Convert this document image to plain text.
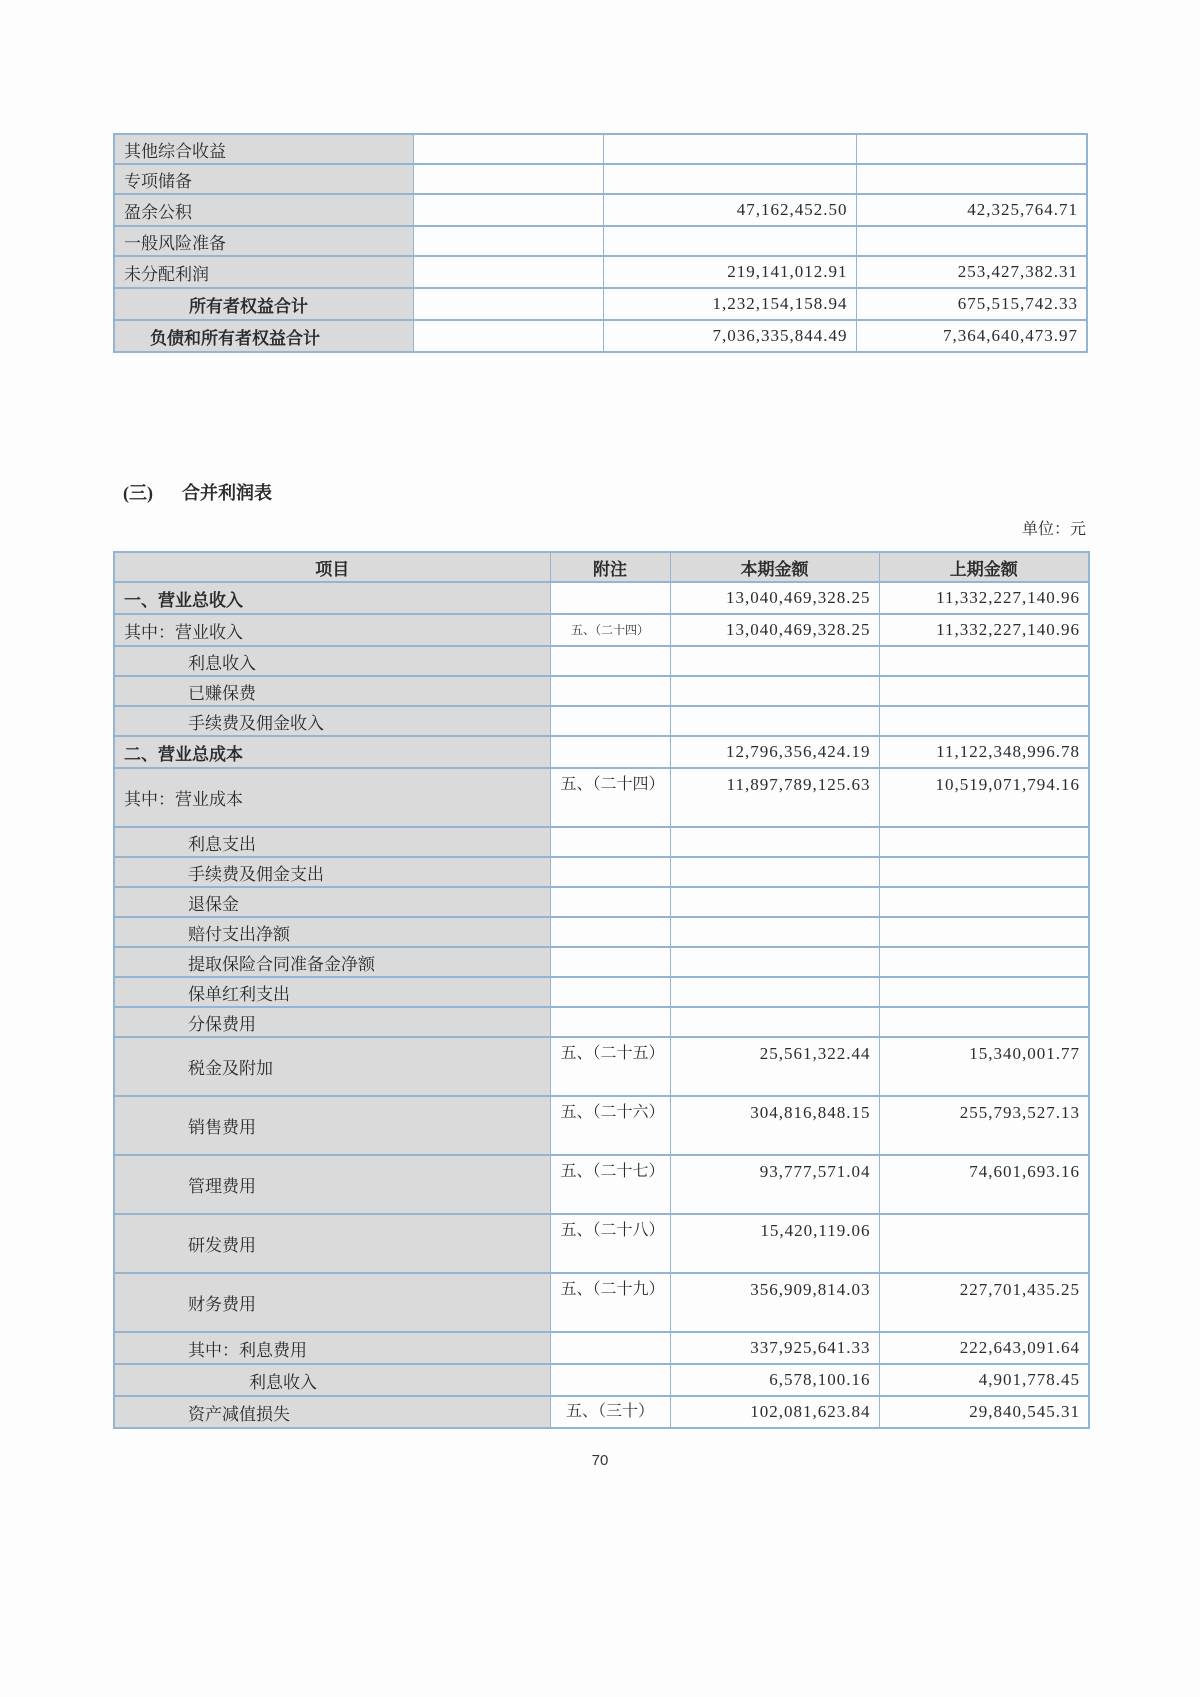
其他综合收益			
专项储备			
盈余公积		47,162,452.50	42,325,764.71
一般风险准备			
未分配利润		219,141,012.91	253,427,382.31
所有者权益合计		1,232,154,158.94	675,515,742.33
负债和所有者权益合计		7,036,335,844.49	7,364,640,473.97
(三) 合并利润表
单位：元
项目	附注	本期金额	上期金额
一、营业总收入		13,040,469,328.25	11,332,227,140.96
其中：营业收入	五、（二十四）	13,040,469,328.25	11,332,227,140.96
利息收入			
已赚保费			
手续费及佣金收入			
二、营业总成本		12,796,356,424.19	11,122,348,996.78
其中：营业成本	五、（二十四）	11,897,789,125.63	10,519,071,794.16
利息支出			
手续费及佣金支出			
退保金			
赔付支出净额			
提取保险合同准备金净额			
保单红利支出			
分保费用			
税金及附加	五、（二十五）	25,561,322.44	15,340,001.77
销售费用	五、（二十六）	304,816,848.15	255,793,527.13
管理费用	五、（二十七）	93,777,571.04	74,601,693.16
研发费用	五、（二十八）	15,420,119.06	
财务费用	五、（二十九）	356,909,814.03	227,701,435.25
其中：利息费用		337,925,641.33	222,643,091.64
利息收入		6,578,100.16	4,901,778.45
资产减值损失	五、（三十）	102,081,623.84	29,840,545.31
70
